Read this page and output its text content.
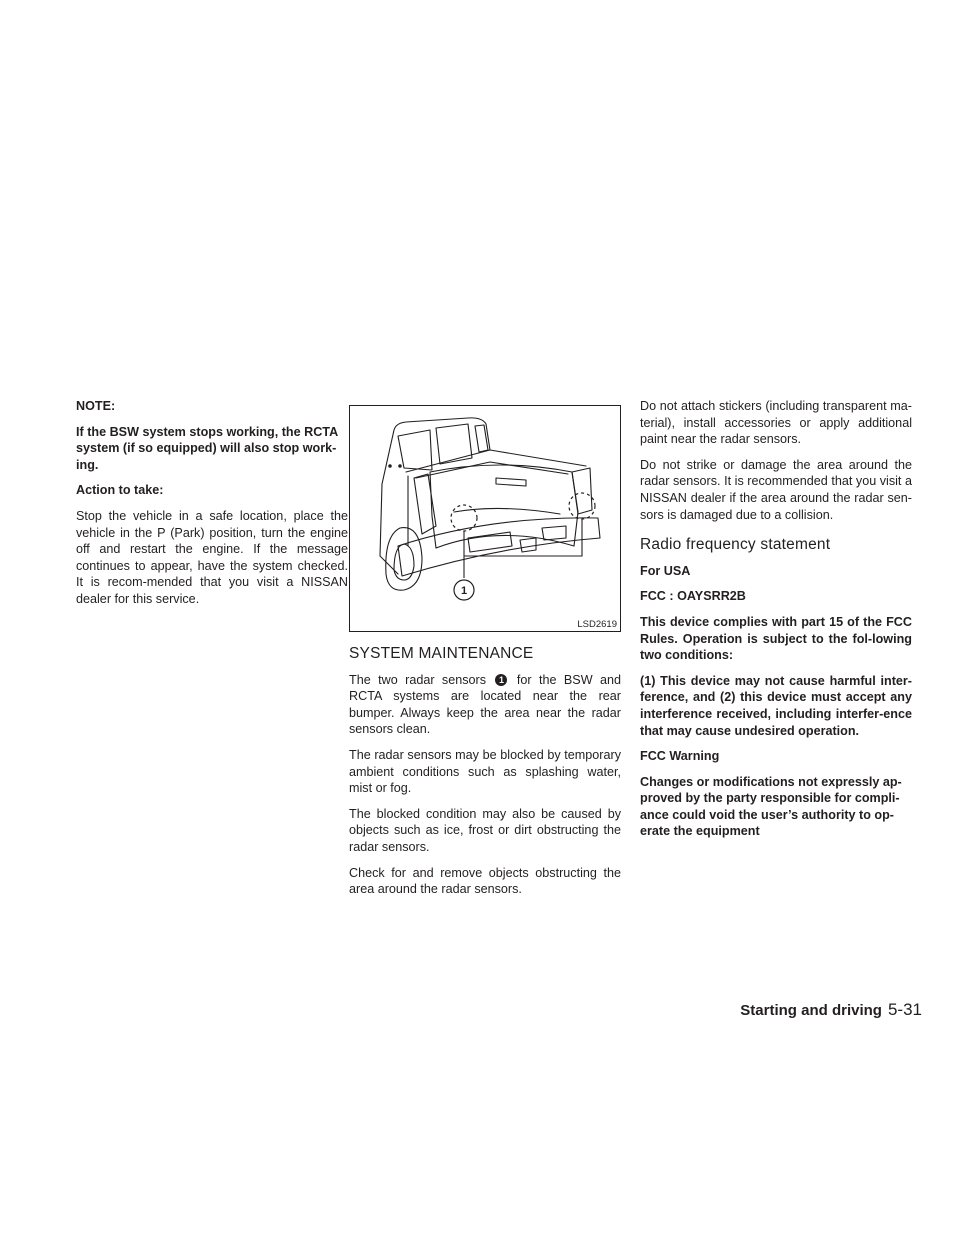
NOTE:

If the BSW system stops working, the RCTA system (if so equipped) will also stop work-ing.

Action to take:

Stop the vehicle in a safe location, place the vehicle in the P (Park) position, turn the engine off and restart the engine. If the message continues to appear, have the system checked. It is recom-mended that you visit a NISSAN dealer for this service.

1
LSD2619
SYSTEM MAINTENANCE

The two radar sensors 1 for the BSW and RCTA systems are located near the rear bumper. Always keep the area near the radar sensors clean.

The radar sensors may be blocked by temporary ambient conditions such as splashing water, mist or fog.

The blocked condition may also be caused by objects such as ice, frost or dirt obstructing the radar sensors.

Check for and remove objects obstructing the area around the radar sensors.

Do not attach stickers (including transparent ma-terial), install accessories or apply additional paint near the radar sensors.

Do not strike or damage the area around the radar sensors. It is recommended that you visit a NISSAN dealer if the area around the radar sen-sors is damaged due to a collision.

Radio frequency statement

For USA

FCC : OAYSRR2B

This device complies with part 15 of the FCC Rules. Operation is subject to the fol-lowing two conditions:

(1) This device may not cause harmful inter-ference, and (2) this device must accept any interference received, including interfer-ence that may cause undesired operation.

FCC Warning

Changes or modifications not expressly ap-proved by the party responsible for compli-ance could void the user’s authority to op-erate the equipment

Starting and driving 5-31
